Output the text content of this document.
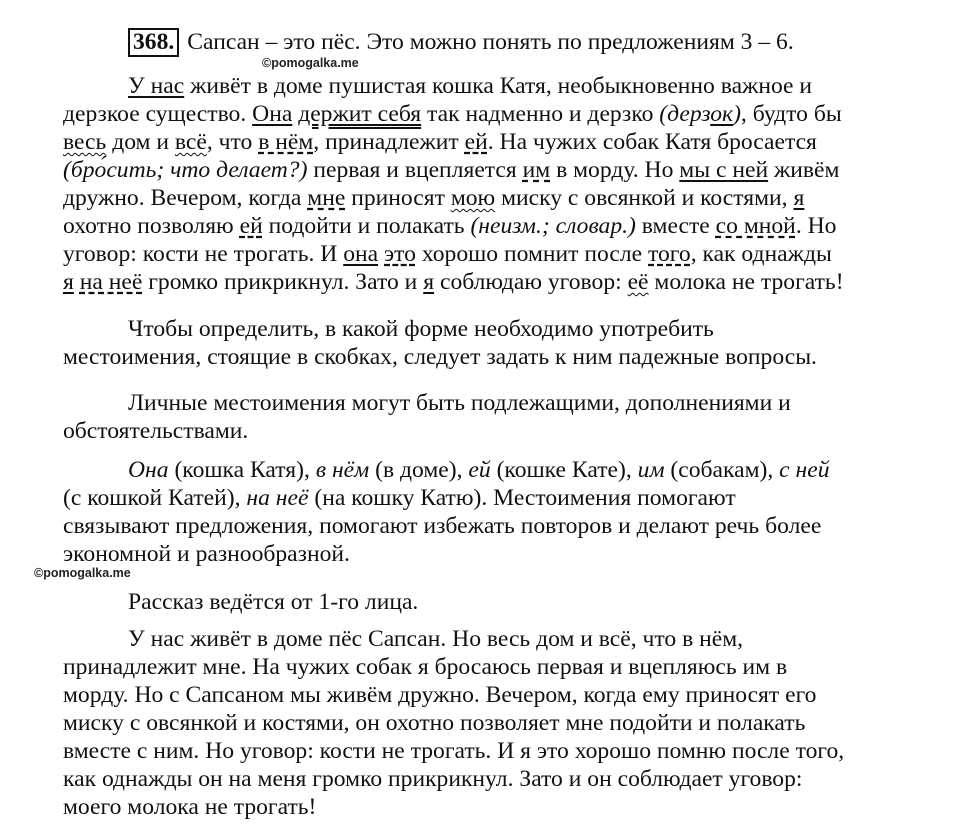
368. Сапсан – это пёс. Это можно понять по предложениям 3 – 6.
©pomogalka.me
У нас живёт в доме пушистая кошка Катя, необыкновенно важное и
дерзкое существо. Она держит себя так надменно и дерзко (дерзок), будто бы
весь дом и всё, что в нём, принадлежит ей. На чужих собак Катя бросается
(бро́сить; что делает?) первая и вцепляется им в морду. Но мы с ней живём
дружно. Вечером, когда мне приносят мою миску с овсянкой и костями, я
охотно позволяю ей подойти и полакать (неизм.; словар.) вместе со мной. Но
уговор: кости не трогать. И она это хорошо помнит после того, как однажды
я на неё громко прикрикнул. Зато и я соблюдаю уговор: её молока не трогать!
Чтобы определить, в какой форме необходимо употребить
местоимения, стоящие в скобках, следует задать к ним падежные вопросы.
Личные местоимения могут быть подлежащими, дополнениями и
обстоятельствами.
Она (кошка Катя), в нём (в доме), ей (кошке Кате), им (собакам), с ней
(с кошкой Катей), на неё (на кошку Катю). Местоимения помогают
связывают предложения, помогают избежать повторов и делают речь более
экономной и разнообразной.
©pomogalka.me
Рассказ ведётся от 1-го лица.
У нас живёт в доме пёс Сапсан. Но весь дом и всё, что в нём,
принадлежит мне. На чужих собак я бросаюсь первая и вцепляюсь им в
морду. Но с Сапсаном мы живём дружно. Вечером, когда ему приносят его
миску с овсянкой и костями, он охотно позволяет мне подойти и полакать
вместе с ним. Но уговор: кости не трогать. И я это хорошо помню после того,
как однажды он на меня громко прикрикнул. Зато и он соблюдает уговор:
моего молока не трогать!
